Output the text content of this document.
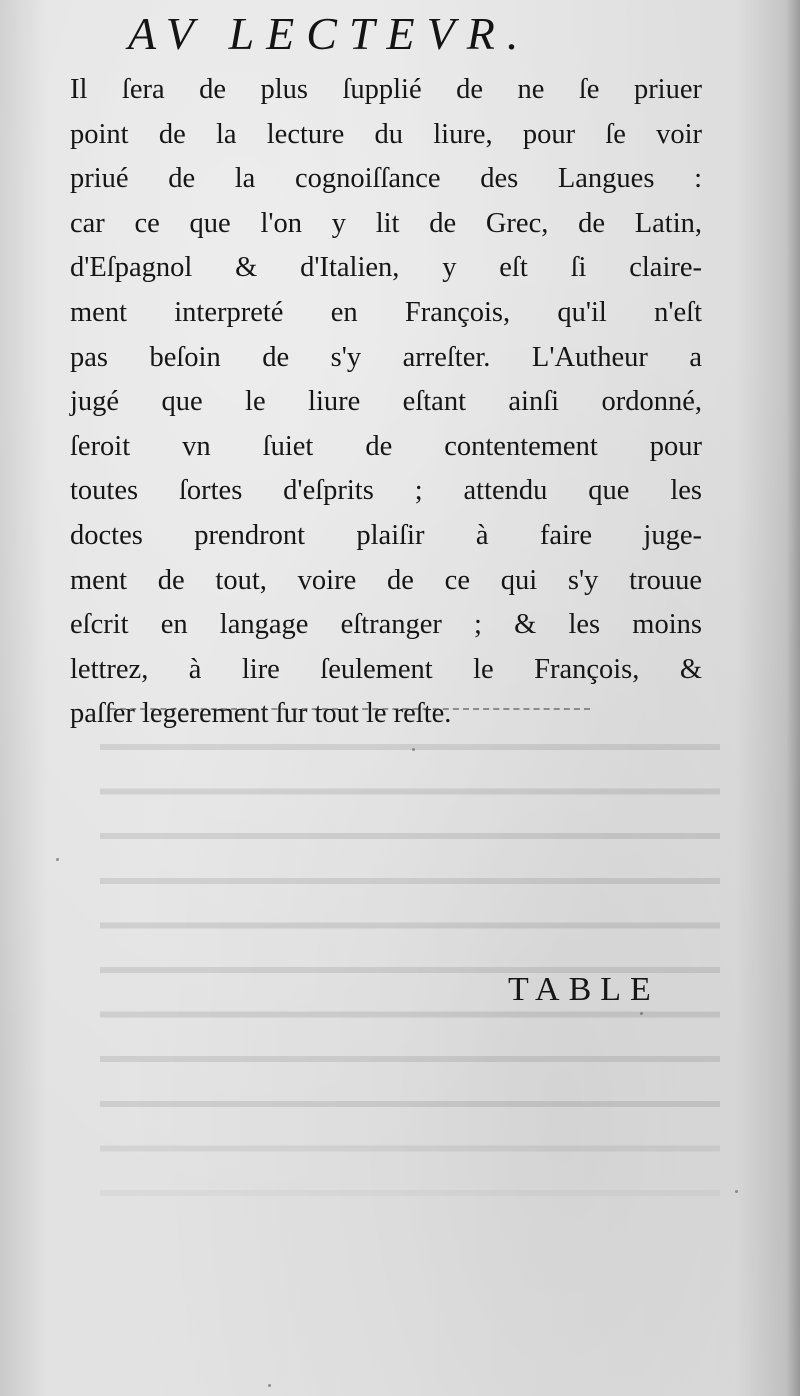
AV LECTEVR.
Il ſera de plus ſupplié de ne ſe priuer
point de la lecture du liure, pour ſe voir
priué de la cognoiſſance des Langues :
car ce que l'on y lit de Grec, de Latin,
d'Eſpagnol & d'Italien, y eſt ſi claire-
ment interpreté en François, qu'il n'eſt
pas beſoin de s'y arreſter. L'Autheur a
jugé que le liure eſtant ainſi ordonné,
ſeroit vn ſuiet de contentement pour
toutes ſortes d'eſprits ; attendu que les
doctes prendront plaiſir à faire juge-
ment de tout, voire de ce qui s'y trouue
eſcrit en langage eſtranger ; & les moins
lettrez, à lire ſeulement le François, &
paſſer legerement ſur tout le reſte.
TABLE
